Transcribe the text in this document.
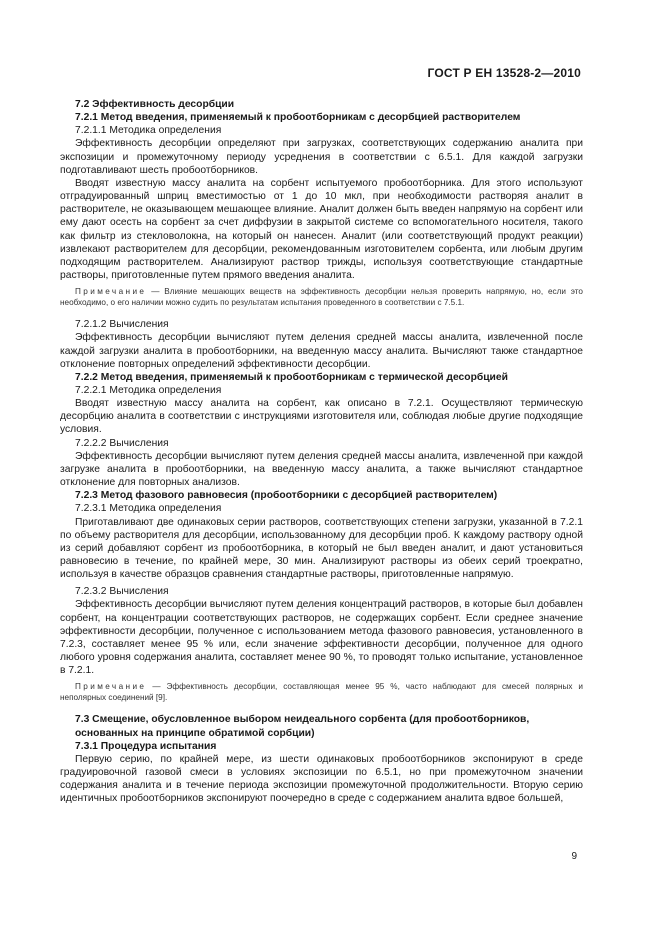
ГОСТ Р ЕН 13528-2—2010

7.2 Эффективность десорбции

7.2.1 Метод введения, применяемый к пробоотборникам с десорбцией растворителем

7.2.1.1 Методика определения

Эффективность десорбции определяют при загрузках, соответствующих содержанию аналита при экспозиции и промежуточному периоду усреднения в соответствии с 6.5.1. Для каждой загрузки подготавливают шесть пробоотборников.

Вводят известную массу аналита на сорбент испытуемого пробоотборника. Для этого используют отградуированный шприц вместимостью от 1 до 10 мкл, при необходимости растворяя аналит в растворителе, не оказывающем мешающее влияние. Аналит должен быть введен напрямую на сорбент или ему дают осесть на сорбент за счет диффузии в закрытой системе со вспомогательного носителя, такого как фильтр из стекловолокна, на который он нанесен. Аналит (или соответствующий продукт реакции) извлекают растворителем для десорбции, рекомендованным изготовителем сорбента, или любым другим подходящим растворителем. Анализируют раствор трижды, используя соответствующие стандартные растворы, приготовленные путем прямого введения аналита.

Примечание — Влияние мешающих веществ на эффективность десорбции нельзя проверить напрямую, но, если это необходимо, о его наличии можно судить по результатам испытания проведенного в соответствии с 7.5.1.

7.2.1.2 Вычисления

Эффективность десорбции вычисляют путем деления средней массы аналита, извлеченной после каждой загрузки аналита в пробоотборники, на введенную массу аналита. Вычисляют также стандартное отклонение повторных определений эффективности десорбции.

7.2.2 Метод введения, применяемый к пробоотборникам с термической десорбцией

7.2.2.1 Методика определения

Вводят известную массу аналита на сорбент, как описано в 7.2.1. Осуществляют термическую десорбцию аналита в соответствии с инструкциями изготовителя или, соблюдая любые другие подходящие условия.

7.2.2.2 Вычисления

Эффективность десорбции вычисляют путем деления средней массы аналита, извлеченной при каждой загрузке аналита в пробоотборники, на введенную массу аналита, а также вычисляют стандартное отклонение для повторных анализов.

7.2.3 Метод фазового равновесия (пробоотборники с десорбцией растворителем)

7.2.3.1 Методика определения

Приготавливают две одинаковых серии растворов, соответствующих степени загрузки, указанной в 7.2.1 по объему растворителя для десорбции, использованному для десорбции проб. К каждому раствору одной из серий добавляют сорбент из пробоотборника, в который не был введен аналит, и дают установиться равновесию в течение, по крайней мере, 30 мин. Анализируют растворы из обеих серий троекратно, используя в качестве образцов сравнения стандартные растворы, приготовленные напрямую.

7.2.3.2 Вычисления

Эффективность десорбции вычисляют путем деления концентраций растворов, в которые был добавлен сорбент, на концентрации соответствующих растворов, не содержащих сорбент. Если среднее значение эффективности десорбции, полученное с использованием метода фазового равновесия, установленного в 7.2.3, составляет менее 95 % или, если значение эффективности десорбции, полученное для одного любого уровня содержания аналита, составляет менее 90 %, то проводят только испытание, установленное в 7.2.1.

Примечание — Эффективность десорбции, составляющая менее 95 %, часто наблюдают для смесей полярных и неполярных соединений [9].

7.3 Смещение, обусловленное выбором неидеального сорбента (для пробоотборников, основанных на принципе обратимой сорбции)

7.3.1 Процедура испытания

Первую серию, по крайней мере, из шести одинаковых пробоотборников экспонируют в среде градуировочной газовой смеси в условиях экспозиции по 6.5.1, но при промежуточном значении содержания аналита и в течение периода экспозиции промежуточной продолжительности. Вторую серию идентичных пробоотборников экспонируют поочередно в среде с содержанием аналита вдвое большей,

9
